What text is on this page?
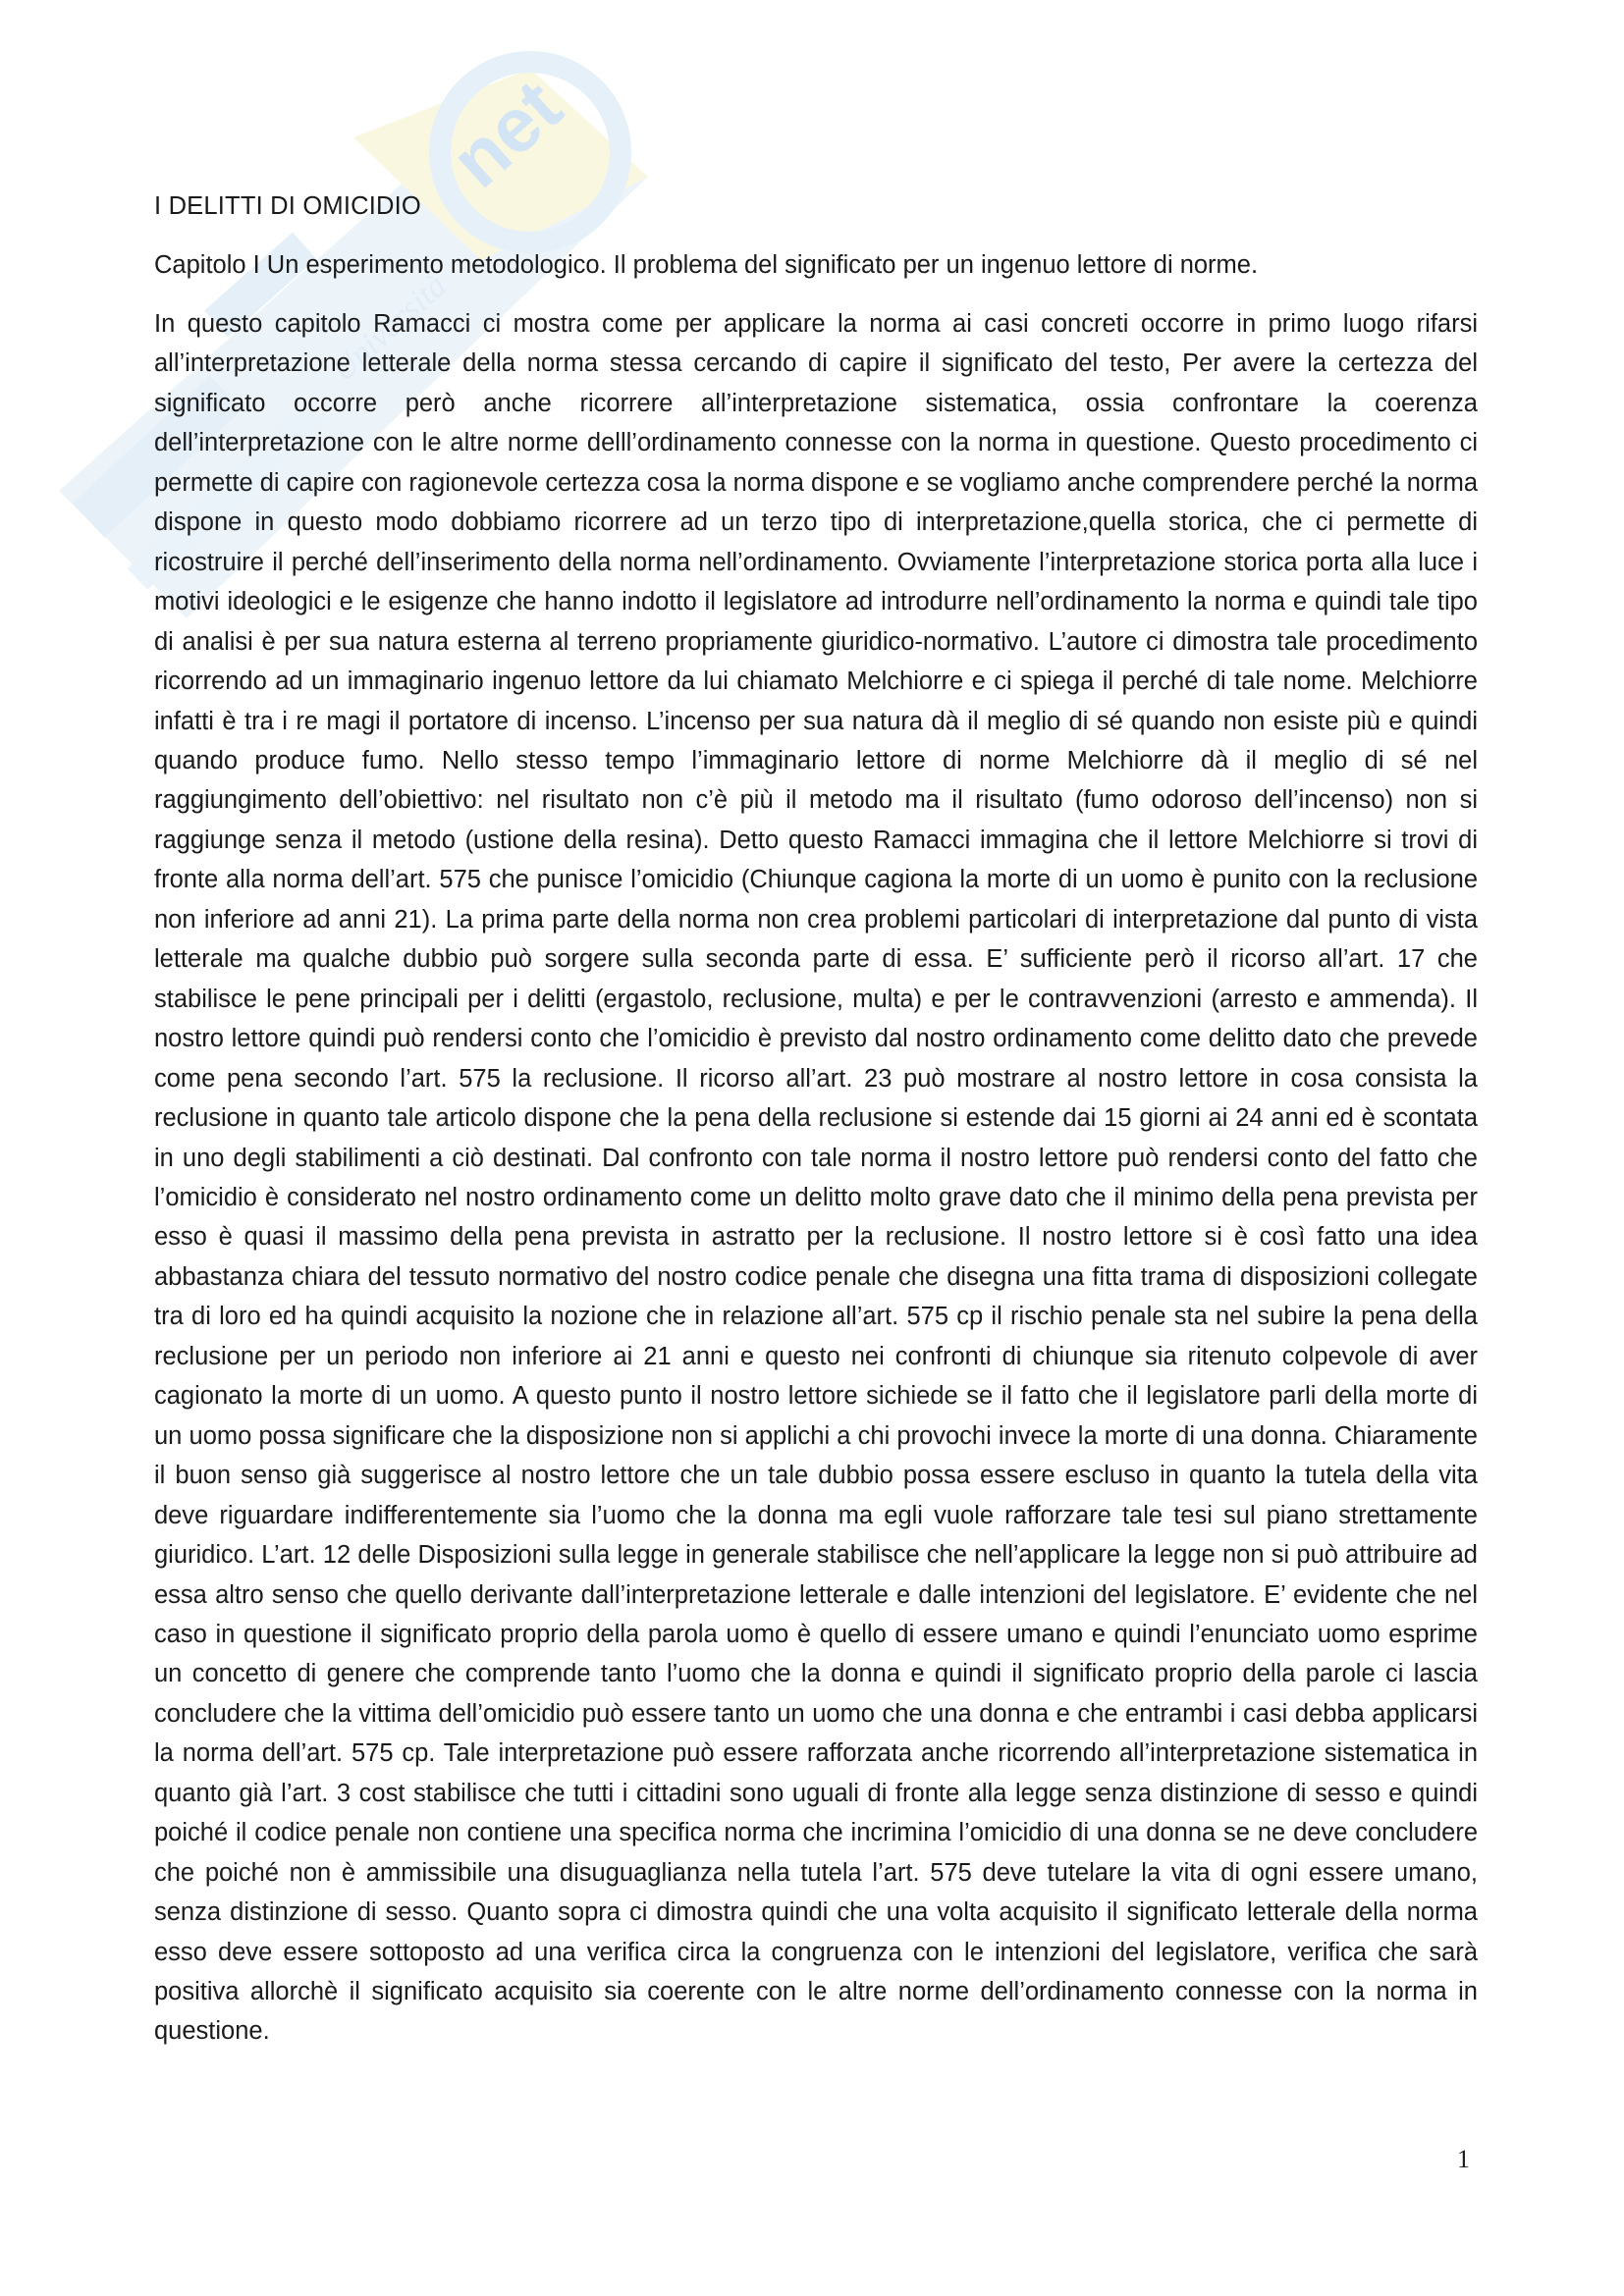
net
Università

I DELITTI DI OMICIDIO

Capitolo I Un esperimento metodologico. Il problema del significato per un ingenuo lettore di norme.

In questo capitolo Ramacci ci mostra come per applicare la norma ai casi concreti occorre in primo luogo rifarsi all’interpretazione letterale della norma stessa cercando di capire il significato del testo, Per avere la certezza del significato occorre però anche ricorrere all’interpretazione sistematica, ossia confrontare la coerenza dell’interpretazione con le altre norme delll’ordinamento connesse con la norma in questione. Questo procedimento ci permette di capire con ragionevole certezza cosa la norma dispone e se vogliamo anche comprendere perché la norma dispone in questo modo dobbiamo ricorrere ad un terzo tipo di interpretazione,quella storica, che ci permette di ricostruire il perché dell’inserimento della norma nell’ordinamento. Ovviamente l’interpretazione storica porta alla luce i motivi ideologici e le esigenze che hanno indotto il legislatore ad introdurre nell’ordinamento la norma e quindi tale tipo di analisi è per sua natura esterna al terreno propriamente giuridico-normativo. L’autore ci dimostra tale procedimento ricorrendo ad un immaginario ingenuo lettore da lui chiamato Melchiorre e ci spiega il perché di tale nome. Melchiorre infatti è tra i re magi il portatore di incenso. L’incenso per sua natura dà il meglio di sé quando non esiste più e quindi quando produce fumo. Nello stesso tempo l’immaginario lettore di norme Melchiorre dà il meglio di sé nel raggiungimento dell’obiettivo: nel risultato non c’è più il metodo ma il risultato (fumo odoroso dell’incenso) non si raggiunge senza il metodo (ustione della resina). Detto questo Ramacci immagina che il lettore Melchiorre si trovi di fronte alla norma dell’art. 575 che punisce l’omicidio (Chiunque cagiona la morte di un uomo è punito con la reclusione non inferiore ad anni 21). La prima parte della norma non crea problemi particolari di interpretazione dal punto di vista letterale ma qualche dubbio può sorgere sulla seconda parte di essa. E’ sufficiente però il ricorso all’art. 17 che stabilisce le pene principali per i delitti (ergastolo, reclusione, multa) e per le contravvenzioni (arresto e ammenda). Il nostro lettore quindi può rendersi conto che l’omicidio è previsto dal nostro ordinamento come delitto dato che prevede come pena secondo l’art. 575 la reclusione. Il ricorso all’art. 23 può mostrare al nostro lettore in cosa consista la reclusione in quanto tale articolo dispone che la pena della reclusione si estende dai 15 giorni ai 24 anni ed è scontata in uno degli stabilimenti a ciò destinati. Dal confronto con tale norma il nostro lettore può rendersi conto del fatto che l’omicidio è considerato nel nostro ordinamento come un delitto molto grave dato che il minimo della pena prevista per esso è quasi il massimo della pena prevista in astratto per la reclusione. Il nostro lettore si è così fatto una idea abbastanza chiara del tessuto normativo del nostro codice penale che disegna una fitta trama di disposizioni collegate tra di loro ed ha quindi acquisito la nozione che in relazione all’art. 575 cp il rischio penale sta nel subire la pena della reclusione per un periodo non inferiore ai 21 anni e questo nei confronti di chiunque sia ritenuto colpevole di aver cagionato la morte di un uomo. A questo punto il nostro lettore sichiede se il fatto che il legislatore parli della morte di un uomo possa significare che la disposizione non si applichi a chi provochi invece la morte di una donna. Chiaramente il buon senso già suggerisce al nostro lettore che un tale dubbio possa essere escluso in quanto la tutela della vita deve riguardare indifferentemente sia l’uomo che la donna ma egli vuole rafforzare tale tesi sul piano strettamente giuridico. L’art. 12 delle Disposizioni sulla legge in generale stabilisce che nell’applicare la legge non si può attribuire ad essa altro senso che quello derivante dall’interpretazione letterale e dalle intenzioni del legislatore. E’ evidente che nel caso in questione il significato proprio della parola uomo è quello di essere umano e quindi l’enunciato uomo esprime un concetto di genere che comprende tanto l’uomo che la donna e quindi il significato proprio della parole ci lascia concludere che la vittima dell’omicidio può essere tanto un uomo che una donna e che entrambi i casi debba applicarsi la norma dell’art. 575 cp. Tale interpretazione può essere rafforzata anche ricorrendo all’interpretazione sistematica in quanto già l’art. 3 cost stabilisce che tutti i cittadini sono uguali di fronte alla legge senza distinzione di sesso e quindi poiché il codice penale non contiene una specifica norma che incrimina l’omicidio di una donna se ne deve concludere che poiché non è ammissibile una disuguaglianza nella tutela l’art. 575 deve tutelare la vita di ogni essere umano, senza distinzione di sesso. Quanto sopra ci dimostra quindi che una volta acquisito il significato letterale della norma esso deve essere sottoposto ad una verifica circa la congruenza con le intenzioni del legislatore, verifica che sarà positiva allorchè il significato acquisito sia coerente con le altre norme dell’ordinamento connesse con la norma in questione.

1
